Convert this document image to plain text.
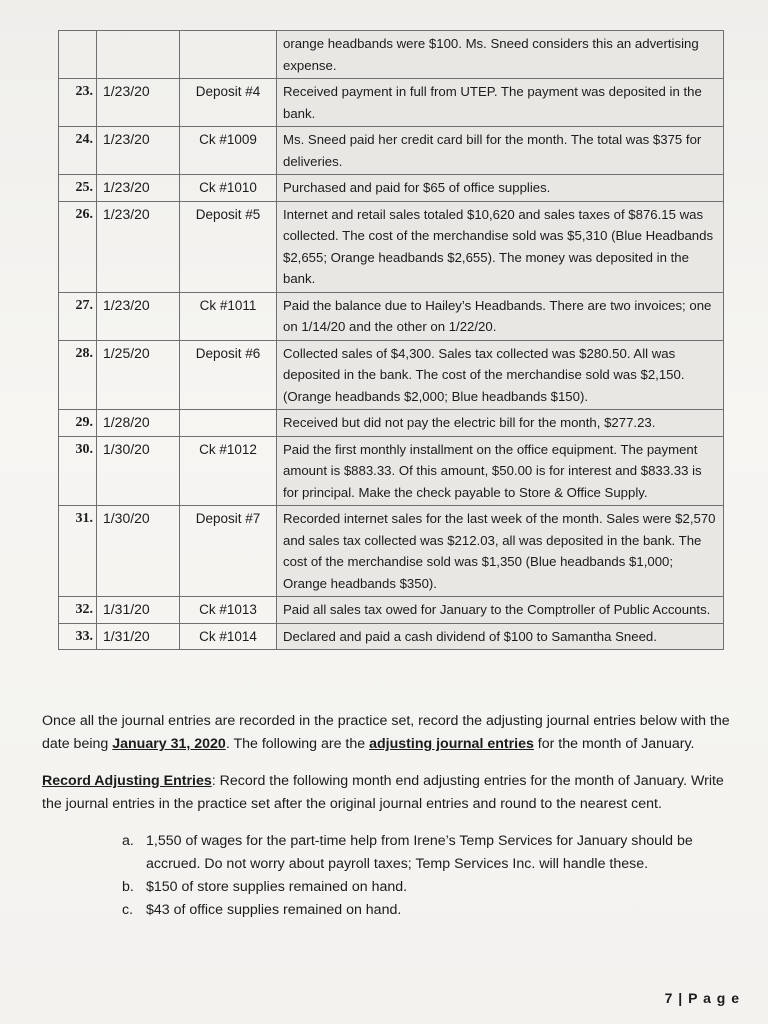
			orange headbands were $100. Ms. Sneed considers this an advertising expense.
23.	1/23/20	Deposit #4	Received payment in full from UTEP. The payment was deposited in the bank.
24.	1/23/20	Ck #1009	Ms. Sneed paid her credit card bill for the month. The total was $375 for deliveries.
25.	1/23/20	Ck #1010	Purchased and paid for $65 of office supplies.
26.	1/23/20	Deposit #5	Internet and retail sales totaled $10,620 and sales taxes of $876.15 was collected. The cost of the merchandise sold was $5,310 (Blue Headbands $2,655; Orange headbands $2,655). The money was deposited in the bank.
27.	1/23/20	Ck #1011	Paid the balance due to Hailey’s Headbands. There are two invoices; one on 1/14/20 and the other on 1/22/20.
28.	1/25/20	Deposit #6	Collected sales of $4,300. Sales tax collected was $280.50. All was deposited in the bank. The cost of the merchandise sold was $2,150. (Orange headbands $2,000; Blue headbands $150).
29.	1/28/20		Received but did not pay the electric bill for the month, $277.23.
30.	1/30/20	Ck #1012	Paid the first monthly installment on the office equipment. The payment amount is $883.33. Of this amount, $50.00 is for interest and $833.33 is for principal. Make the check payable to Store & Office Supply.
31.	1/30/20	Deposit #7	Recorded internet sales for the last week of the month. Sales were $2,570 and sales tax collected was $212.03, all was deposited in the bank. The cost of the merchandise sold was $1,350 (Blue headbands $1,000; Orange headbands $350).
32.	1/31/20	Ck #1013	Paid all sales tax owed for January to the Comptroller of Public Accounts.
33.	1/31/20	Ck #1014	Declared and paid a cash dividend of $100 to Samantha Sneed.

Once all the journal entries are recorded in the practice set, record the adjusting journal entries below with the date being January 31, 2020. The following are the adjusting journal entries for the month of January.

Record Adjusting Entries: Record the following month end adjusting entries for the month of January. Write the journal entries in the practice set after the original journal entries and round to the nearest cent.

a. 1,550 of wages for the part-time help from Irene’s Temp Services for January should be accrued. Do not worry about payroll taxes; Temp Services Inc. will handle these.
b. $150 of store supplies remained on hand.
c. $43 of office supplies remained on hand.
7 | P a g e
